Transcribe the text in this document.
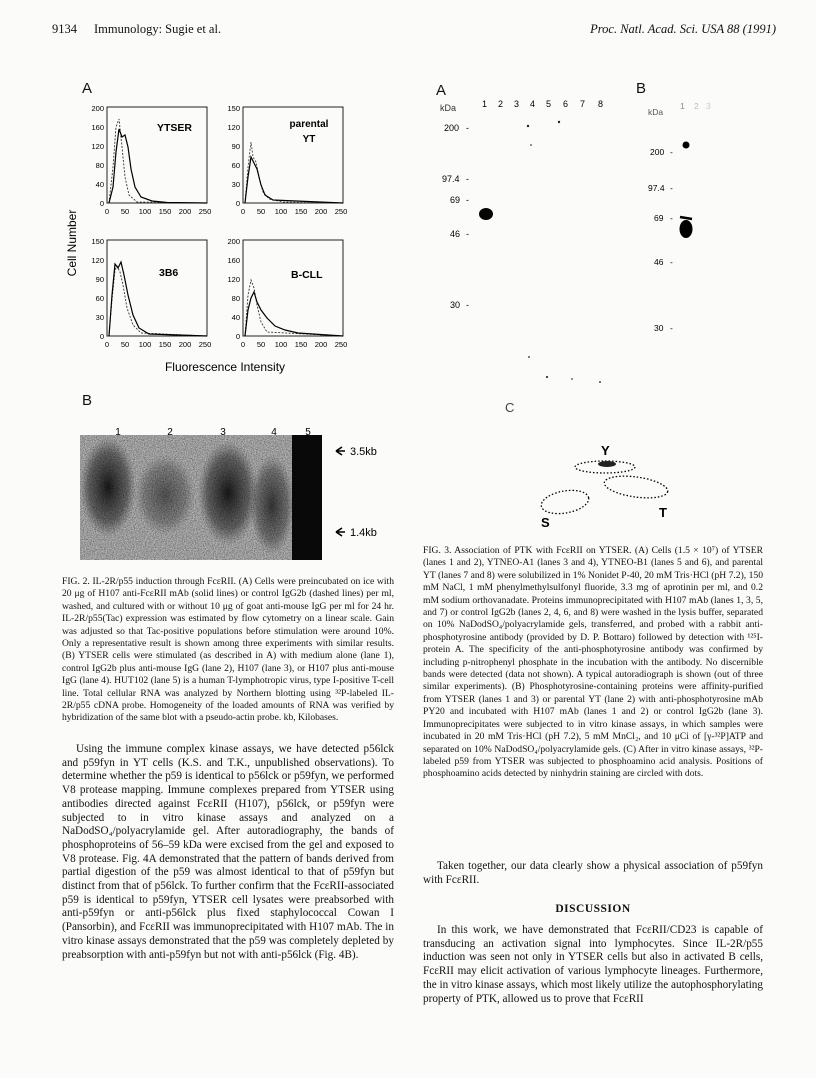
9134 Immunology: Sugie et al.	Proc. Natl. Acad. Sci. USA 88 (1991)
A
Cell Number
0
40
80
120
160
200
0 50 100 150 200 250
YTSER
0
30
60
90
120
150
0 50 100 150 200 250
parental
YT
0
30
60
90
120
150
0 50 100 150 200 250
3B6
0
40
80
120
160
200
0 50 100 150 200 250
B-CLL
Fluorescence Intensity
B
1	2	3	4	5
3.5kb
1.4kb
FIG. 2. IL-2R/p55 induction through FcεRII. (A) Cells were preincubated on ice with 20 μg of H107 anti-FcεRII mAb (solid lines) or control IgG2b (dashed lines) per ml, washed, and cultured with or without 10 μg of goat anti-mouse IgG per ml for 24 hr. IL-2R/p55(Tac) expression was estimated by flow cytometry on a linear scale. Gain was adjusted so that Tac-positive populations before stimulation were around 10%. Only a representative result is shown among three experiments with similar results. (B) YTSER cells were stimulated (as described in A) with medium alone (lane 1), control IgG2b plus anti-mouse IgG (lane 2), H107 (lane 3), or H107 plus anti-mouse IgG (lane 4). HUT102 (lane 5) is a human T-lymphotropic virus, type I-positive T-cell line. Total cellular RNA was analyzed by Northern blotting using ³²P-labeled IL-2R/p55 cDNA probe. Homogeneity of the loaded amounts of RNA was verified by hybridization of the same blot with a pseudo-actin probe. kb, Kilobases.
Using the immune complex kinase assays, we have detected p56lck and p59fyn in YT cells (K.S. and T.K., unpublished observations). To determine whether the p59 is identical to p56lck or p59fyn, we performed V8 protease mapping. Immune complexes prepared from YTSER using antibodies directed against FcεRII (H107), p56lck, or p59fyn were subjected to in vitro kinase assays and analyzed on a NaDodSO₄/polyacrylamide gel. After autoradiography, the bands of phosphoproteins of 56–59 kDa were excised from the gel and exposed to V8 protease. Fig. 4A demonstrated that the pattern of bands derived from partial digestion of the p59 was almost identical to that of p59fyn but distinct from that of p56lck. To further confirm that the FcεRII-associated p59 is identical to p59fyn, YTSER cell lysates were preabsorbed with anti-p59fyn or anti-p56lck plus fixed staphylococcal Cowan I (Pansorbin), and FcεRII was immunoprecipitated with H107 mAb. The in vitro kinase assays demonstrated that the p59 was completely depleted by preabsorption with anti-p59fyn but not with anti-p56lck (Fig. 4B).
A	B
kDa	1 2 3 4 5 6 7 8
200 -
97.4 -
69 -
46 -
30 -
kDa
1 2 3
200 -
97.4 -
69 -
46 -
30 -
C
Y
S
T
FIG. 3. Association of PTK with FcεRII on YTSER. (A) Cells (1.5 × 10⁷) of YTSER (lanes 1 and 2), YTNEO-A1 (lanes 3 and 4), YTNEO-B1 (lanes 5 and 6), and parental YT (lanes 7 and 8) were solubilized in 1% Nonidet P-40, 20 mM Tris·HCl (pH 7.2), 150 mM NaCl, 1 mM phenylmethylsulfonyl fluoride, 3.3 mg of aprotinin per ml, and 0.2 mM sodium orthovanadate. Proteins immunoprecipitated with H107 mAb (lanes 1, 3, 5, and 7) or control IgG2b (lanes 2, 4, 6, and 8) were washed in the lysis buffer, separated on 10% NaDodSO₄/polyacrylamide gels, transferred, and probed with a rabbit anti-phosphotyrosine antibody (provided by D. P. Bottaro) followed by detection with ¹²⁵I-protein A. The specificity of the anti-phosphotyrosine antibody was confirmed by including p-nitrophenyl phosphate in the incubation with the antibody. No discernible bands were detected (data not shown). A typical autoradiograph is shown (out of three similar experiments). (B) Phosphotyrosine-containing proteins were affinity-purified from YTSER (lanes 1 and 3) or parental YT (lane 2) with anti-phosphotyrosine mAb PY20 and incubated with H107 mAb (lanes 1 and 2) or control IgG2b (lane 3). Immunoprecipitates were subjected to in vitro kinase assays, in which samples were incubated in 20 mM Tris·HCl (pH 7.2), 5 mM MnCl₂, and 10 μCi of [γ-³²P]ATP and separated on 10% NaDodSO₄/polyacrylamide gels. (C) After in vitro kinase assays, ³²P-labeled p59 from YTSER was subjected to phosphoamino acid analysis. Positions of phosphoamino acids detected by ninhydrin staining are circled with dots.
Taken together, our data clearly show a physical association of p59fyn with FcεRII.
DISCUSSION
In this work, we have demonstrated that FcεRII/CD23 is capable of transducing an activation signal into lymphocytes. Since IL-2R/p55 induction was seen not only in YTSER cells but also in activated B cells, FcεRII may elicit activation of various lymphocyte lineages. Furthermore, the in vitro kinase assays, which most likely utilize the autophosphorylating property of PTK, allowed us to prove that FcεRII
